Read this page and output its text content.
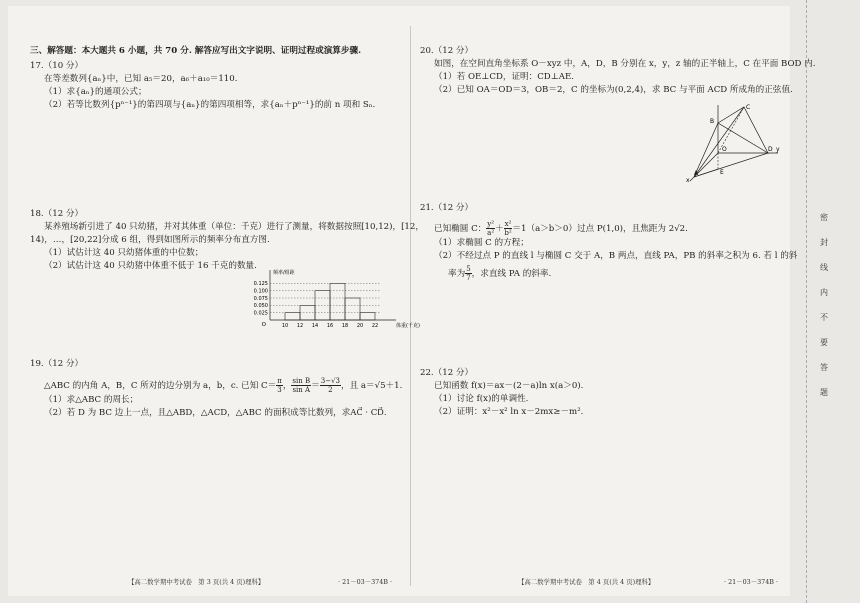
三、解答题：本大题共 6 小题，共 70 分. 解答应写出文字说明、证明过程或演算步骤.
17.（10 分）
在等差数列{aₙ}中，已知 a₅＝20，a₆＋a₁₀＝110.
（1）求{aₙ}的通项公式；
（2）若等比数列{pⁿ⁻¹}的第四项与{aₙ}的第四项相等，求{aₙ＋pⁿ⁻¹}的前 n 项和 Sₙ.
18.（12 分）
某养殖场新引进了 40 只幼猪，并对其体重（单位：千克）进行了测量，将数据按照[10,12)，[12，
14)，…，[20,22]分成 6 组，得到如图所示的频率分布直方图.
（1）试估计这 40 只幼猪体重的中位数；
（2）试估计这 40 只幼猪中体重不低于 16 千克的数量.
0.125
0.100
0.075
0.050
0.025
10 12 14 16 18 20 22
O
频率/组距
体重(千克)
19.（12 分）
△ABC 的内角 A，B，C 所对的边分别为 a，b，c. 已知 $C= \frac{\pi}{3}$ ， $\frac{\text{sin B}}{\text{sin A}} = \frac{3-√3}{2}$ ，且 a＝√5＋1.
（1）求△ABC 的周长；
（2）若 D 为 BC 边上一点，且△ABD，△ACD，△ABC 的面积成等比数列，求AC⃗ · CD⃗.
【高二数学期中考试卷　第 3 页(共 4 页)理科】	· 21－03－374B ·
20.（12 分）
如图，在空间直角坐标系 O－xyz 中，A，D，B 分别在 x，y，z 轴的正半轴上，C 在平面 BOD 内.
（1）若 OE⊥CD，证明：CD⊥AE.
（2）已知 OA＝OD＝3，OB＝2，C 的坐标为(0,2,4)，求 BC 与平面 ACD 所成角的正弦值.
B
C
O	D y
A	E
x
21.（12 分）
已知椭圆 C： $\frac{\text{y²}}{\text{a²}} + \frac{\text{x²}}{\text{b²}} =1(a>b>0)$过点 P(1,0)，且焦距为 2√2.
（1）求椭圆 C 的方程；
（2）不经过点 P 的直线 l 与椭圆 C 交于 A，B 两点，直线 PA，PB 的斜率之积为 6. 若 l 的斜
率为 $\frac{5}{7}$ ，求直线 PA 的斜率.
22.（12 分）
已知函数 f(x)＝ax－(2－a)ln x(a＞0).
（1）讨论 f(x)的单调性.
（2）证明：x²－x² ln x－2mx≥－m².
【高二数学期中考试卷　第 4 页(共 4 页)理科】	· 21－03－374B ·
密
封
线
内
不
要
答
题
